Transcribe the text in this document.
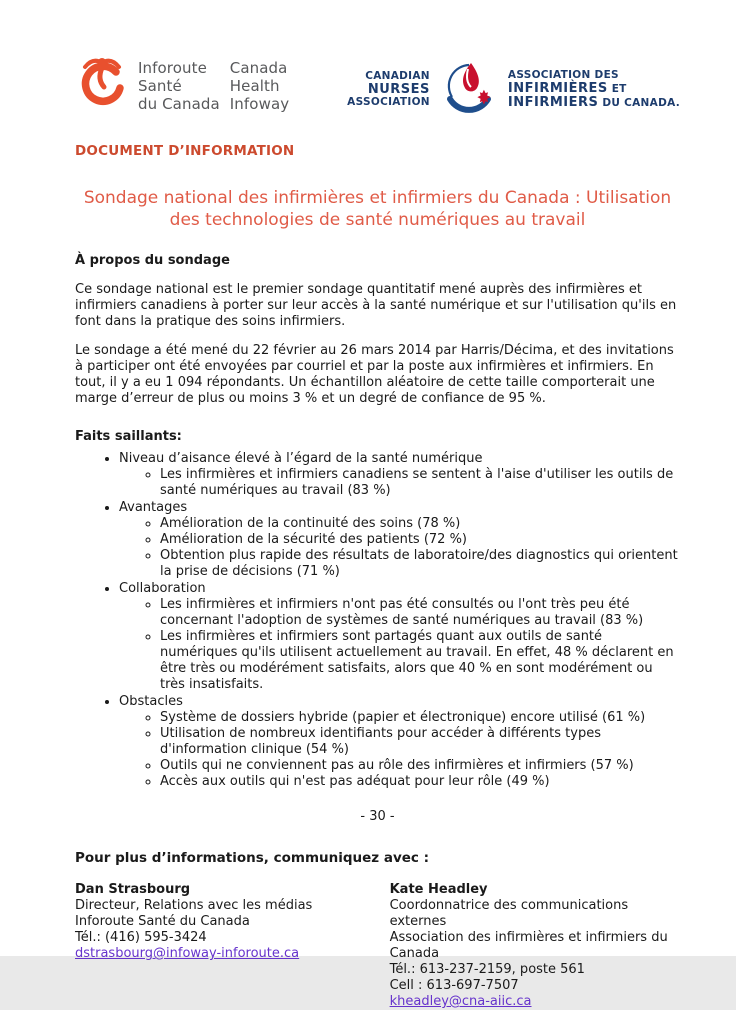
Inforoute
Santé
du Canada
Canada
Health
Infoway
CANADIAN
NURSES
ASSOCIATION
ASSOCIATION DES
INFIRMIÈRES ET
INFIRMIERS DU CANADA.
DOCUMENT D’INFORMATION
Sondage national des infirmières et infirmiers du Canada : Utilisation
des technologies de santé numériques au travail
À propos du sondage

Ce sondage national est le premier sondage quantitatif mené auprès des infirmières et infirmiers canadiens à porter sur leur accès à la santé numérique et sur l'utilisation qu'ils en font dans la pratique des soins infirmiers.

Le sondage a été mené du 22 février au 26 mars 2014 par Harris/Décima, et des invitations à participer ont été envoyées par courriel et par la poste aux infirmières et infirmiers. En tout, il y a eu 1 094 répondants. Un échantillon aléatoire de cette taille comporterait une marge d’erreur de plus ou moins 3 % et un degré de confiance de 95 %.

Faits saillants:
• Niveau d’aisance élevé à l’égard de la santé numérique
◦ Les infirmières et infirmiers canadiens se sentent à l'aise d'utiliser les outils de santé numériques au travail (83 %)
• Avantages
◦ Amélioration de la continuité des soins (78 %)
◦ Amélioration de la sécurité des patients (72 %)
◦ Obtention plus rapide des résultats de laboratoire/des diagnostics qui orientent la prise de décisions (71 %)
• Collaboration
◦ Les infirmières et infirmiers n'ont pas été consultés ou l'ont très peu été concernant l'adoption de systèmes de santé numériques au travail (83 %)
◦ Les infirmières et infirmiers sont partagés quant aux outils de santé numériques qu'ils utilisent actuellement au travail. En effet, 48 % déclarent en être très ou modérément satisfaits, alors que 40 % en sont modérément ou très insatisfaits.
• Obstacles
◦ Système de dossiers hybride (papier et électronique) encore utilisé (61 %)
◦ Utilisation de nombreux identifiants pour accéder à différents types d'information clinique (54 %)
◦ Outils qui ne conviennent pas au rôle des infirmières et infirmiers (57 %)
◦ Accès aux outils qui n'est pas adéquat pour leur rôle (49 %)
- 30 -
Pour plus d’informations, communiquez avec :
Dan Strasbourg
Directeur, Relations avec les médias
Inforoute Santé du Canada
Tél.: (416) 595-3424
dstrasbourg@infoway-inforoute.ca
Kate Headley
Coordonnatrice des communications externes
Association des infirmières et infirmiers du Canada
Tél.: 613-237-2159, poste 561
Cell : 613-697-7507
kheadley@cna-aiic.ca
